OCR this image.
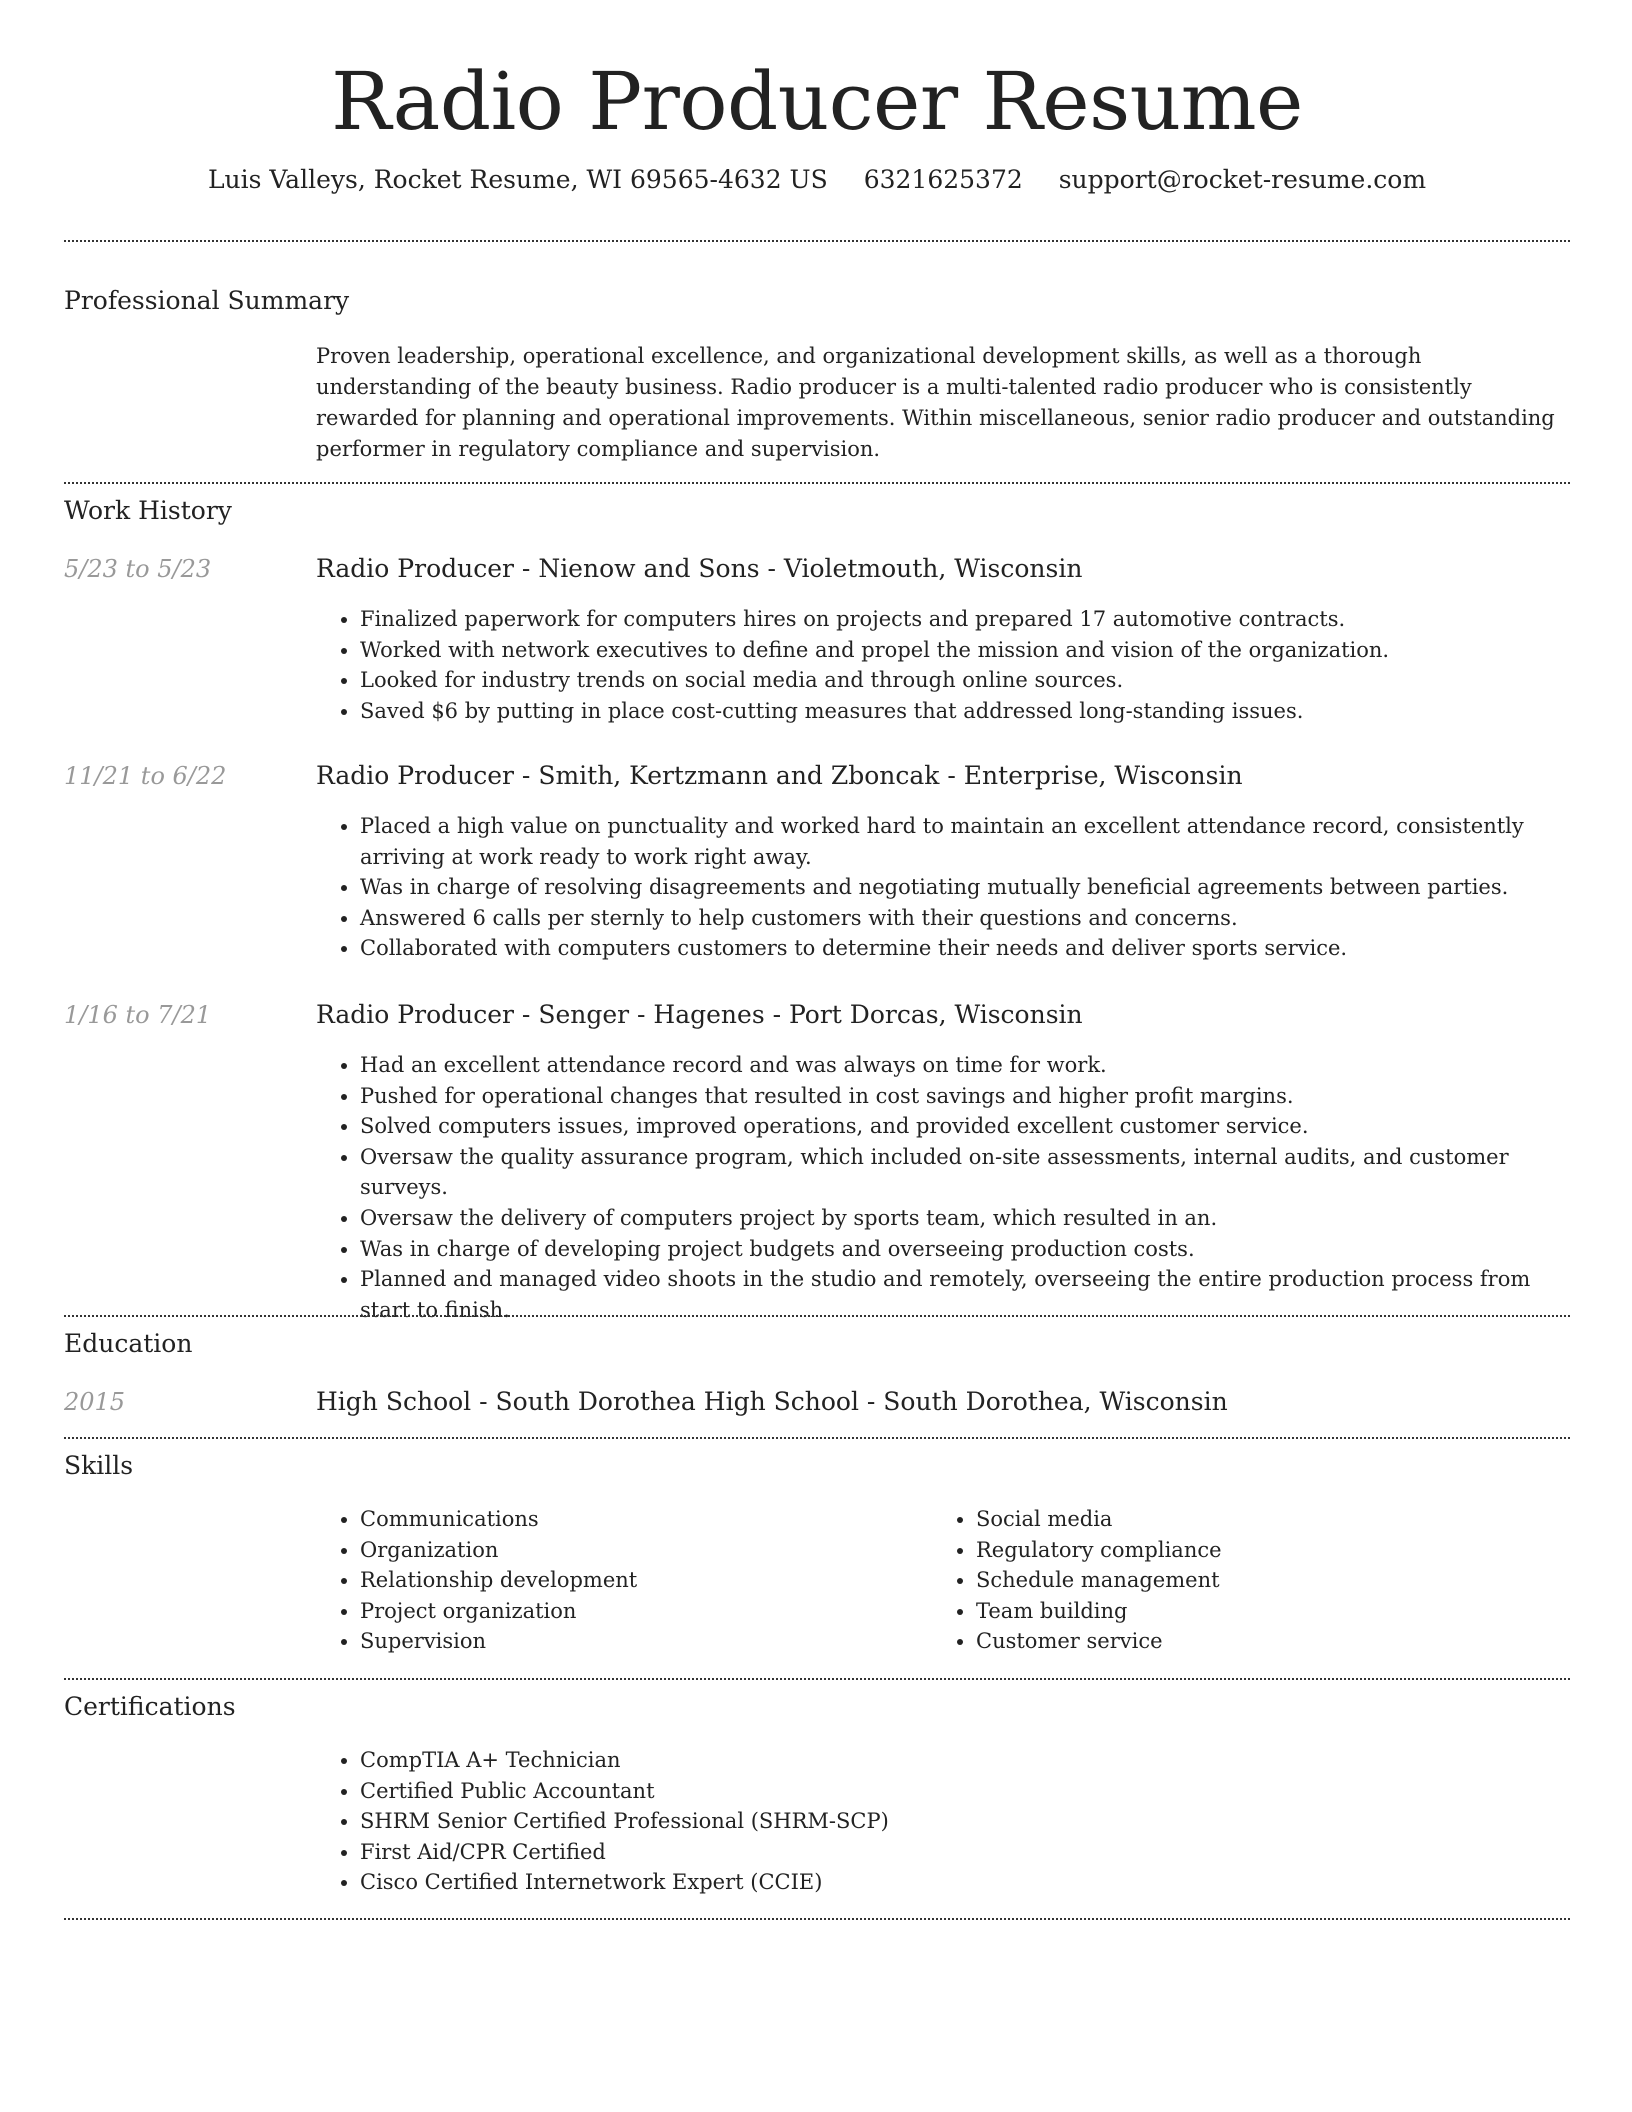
Radio Producer Resume
Luis Valleys, Rocket Resume, WI 69565-4632 US 6321625372 support@rocket-resume.com
Professional Summary
Proven leadership, operational excellence, and organizational development skills, as well as a thorough understanding of the beauty business. Radio producer is a multi-talented radio producer who is consistently rewarded for planning and operational improvements. Within miscellaneous, senior radio producer and outstanding performer in regulatory compliance and supervision.
Work History
5/23 to 5/23	Radio Producer - Nienow and Sons - Violetmouth, Wisconsin
• Finalized paperwork for computers hires on projects and prepared 17 automotive contracts.
• Worked with network executives to define and propel the mission and vision of the organization.
• Looked for industry trends on social media and through online sources.
• Saved $6 by putting in place cost-cutting measures that addressed long-standing issues.
11/21 to 6/22	Radio Producer - Smith, Kertzmann and Zboncak - Enterprise, Wisconsin
• Placed a high value on punctuality and worked hard to maintain an excellent attendance record, consistently arriving at work ready to work right away.
• Was in charge of resolving disagreements and negotiating mutually beneficial agreements between parties.
• Answered 6 calls per sternly to help customers with their questions and concerns.
• Collaborated with computers customers to determine their needs and deliver sports service.
1/16 to 7/21	Radio Producer - Senger - Hagenes - Port Dorcas, Wisconsin
• Had an excellent attendance record and was always on time for work.
• Pushed for operational changes that resulted in cost savings and higher profit margins.
• Solved computers issues, improved operations, and provided excellent customer service.
• Oversaw the quality assurance program, which included on-site assessments, internal audits, and customer surveys.
• Oversaw the delivery of computers project by sports team, which resulted in an.
• Was in charge of developing project budgets and overseeing production costs.
• Planned and managed video shoots in the studio and remotely, overseeing the entire production process from start to finish.
Education
2015	High School - South Dorothea High School - South Dorothea, Wisconsin
Skills
• Communications
• Organization
• Relationship development
• Project organization
• Supervision
• Social media
• Regulatory compliance
• Schedule management
• Team building
• Customer service
Certifications
• CompTIA A+ Technician
• Certified Public Accountant
• SHRM Senior Certified Professional (SHRM-SCP)
• First Aid/CPR Certified
• Cisco Certified Internetwork Expert (CCIE)
